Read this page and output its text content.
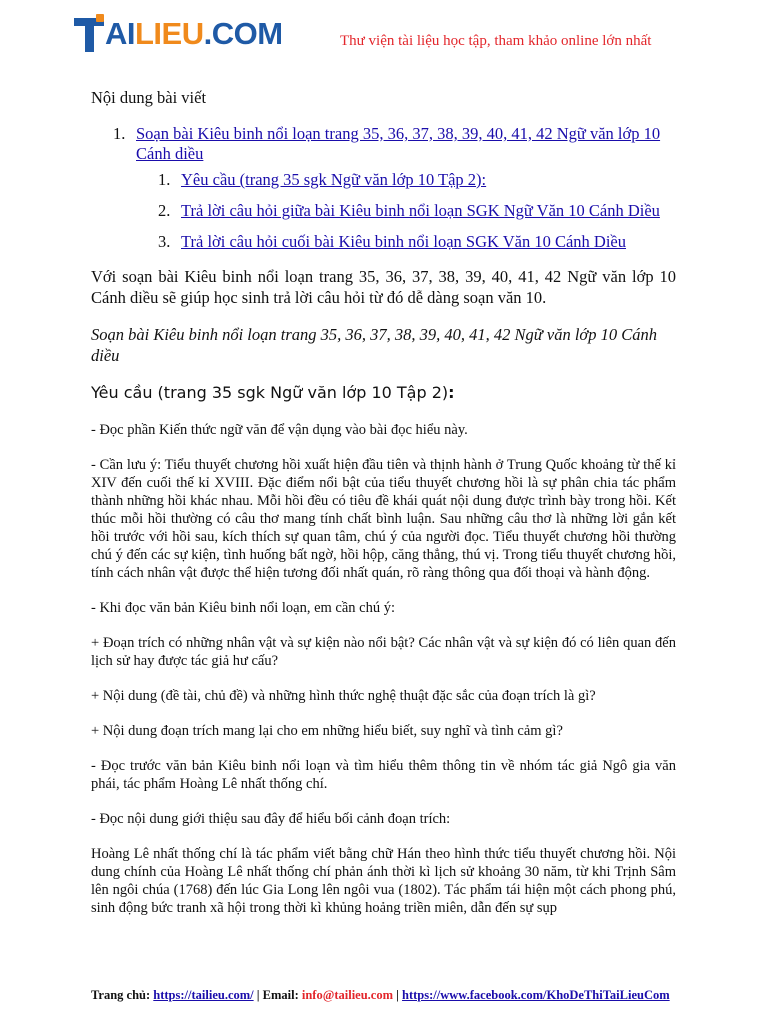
AILIEU.COM	Thư viện tài liệu học tập, tham khảo online lớn nhất
Nội dung bài viết
1. Soạn bài Kiêu binh nổi loạn trang 35, 36, 37, 38, 39, 40, 41, 42 Ngữ văn lớp 10 Cánh diều
1. Yêu cầu (trang 35 sgk Ngữ văn lớp 10 Tập 2):
2. Trả lời câu hỏi giữa bài Kiêu binh nổi loạn SGK Ngữ Văn 10 Cánh Diều
3. Trả lời câu hỏi cuối bài Kiêu binh nổi loạn SGK Văn 10 Cánh Diều

Với soạn bài Kiêu binh nổi loạn trang 35, 36, 37, 38, 39, 40, 41, 42 Ngữ văn lớp 10 Cánh diều sẽ giúp học sinh trả lời câu hỏi từ đó dễ dàng soạn văn 10.

Soạn bài Kiêu binh nổi loạn trang 35, 36, 37, 38, 39, 40, 41, 42 Ngữ văn lớp 10 Cánh diều

Yêu cầu (trang 35 sgk Ngữ văn lớp 10 Tập 2):

- Đọc phần Kiến thức ngữ văn để vận dụng vào bài đọc hiểu này.

- Cần lưu ý: Tiểu thuyết chương hồi xuất hiện đầu tiên và thịnh hành ở Trung Quốc khoảng từ thế kỉ XIV đến cuối thế kỉ XVIII. Đặc điểm nổi bật của tiểu thuyết chương hồi là sự phân chia tác phẩm thành những hồi khác nhau. Mỗi hồi đều có tiêu đề khái quát nội dung được trình bày trong hồi. Kết thúc mỗi hồi thường có câu thơ mang tính chất bình luận. Sau những câu thơ là những lời gắn kết hồi trước với hồi sau, kích thích sự quan tâm, chú ý của người đọc. Tiểu thuyết chương hồi thường chú ý đến các sự kiện, tình huống bất ngờ, hồi hộp, căng thẳng, thú vị. Trong tiểu thuyết chương hồi, tính cách nhân vật được thể hiện tương đối nhất quán, rõ ràng thông qua đối thoại và hành động.

- Khi đọc văn bản Kiêu binh nổi loạn, em cần chú ý:

+ Đoạn trích có những nhân vật và sự kiện nào nổi bật? Các nhân vật và sự kiện đó có liên quan đến lịch sử hay được tác giả hư cấu?

+ Nội dung (đề tài, chủ đề) và những hình thức nghệ thuật đặc sắc của đoạn trích là gì?

+ Nội dung đoạn trích mang lại cho em những hiểu biết, suy nghĩ và tình cảm gì?

- Đọc trước văn bản Kiêu binh nổi loạn và tìm hiểu thêm thông tin về nhóm tác giả Ngô gia văn phái, tác phẩm Hoàng Lê nhất thống chí.

- Đọc nội dung giới thiệu sau đây để hiểu bối cảnh đoạn trích:

Hoàng Lê nhất thống chí là tác phẩm viết bằng chữ Hán theo hình thức tiểu thuyết chương hồi. Nội dung chính của Hoàng Lê nhất thống chí phản ánh thời kì lịch sử khoảng 30 năm, từ khi Trịnh Sâm lên ngôi chúa (1768) đến lúc Gia Long lên ngôi vua (1802). Tác phẩm tái hiện một cách phong phú, sinh động bức tranh xã hội trong thời kì khủng hoảng triền miên, dẫn đến sự sụp

Trang chủ: https://tailieu.com/ | Email: info@tailieu.com | https://www.facebook.com/KhoDeThiTaiLieuCom
